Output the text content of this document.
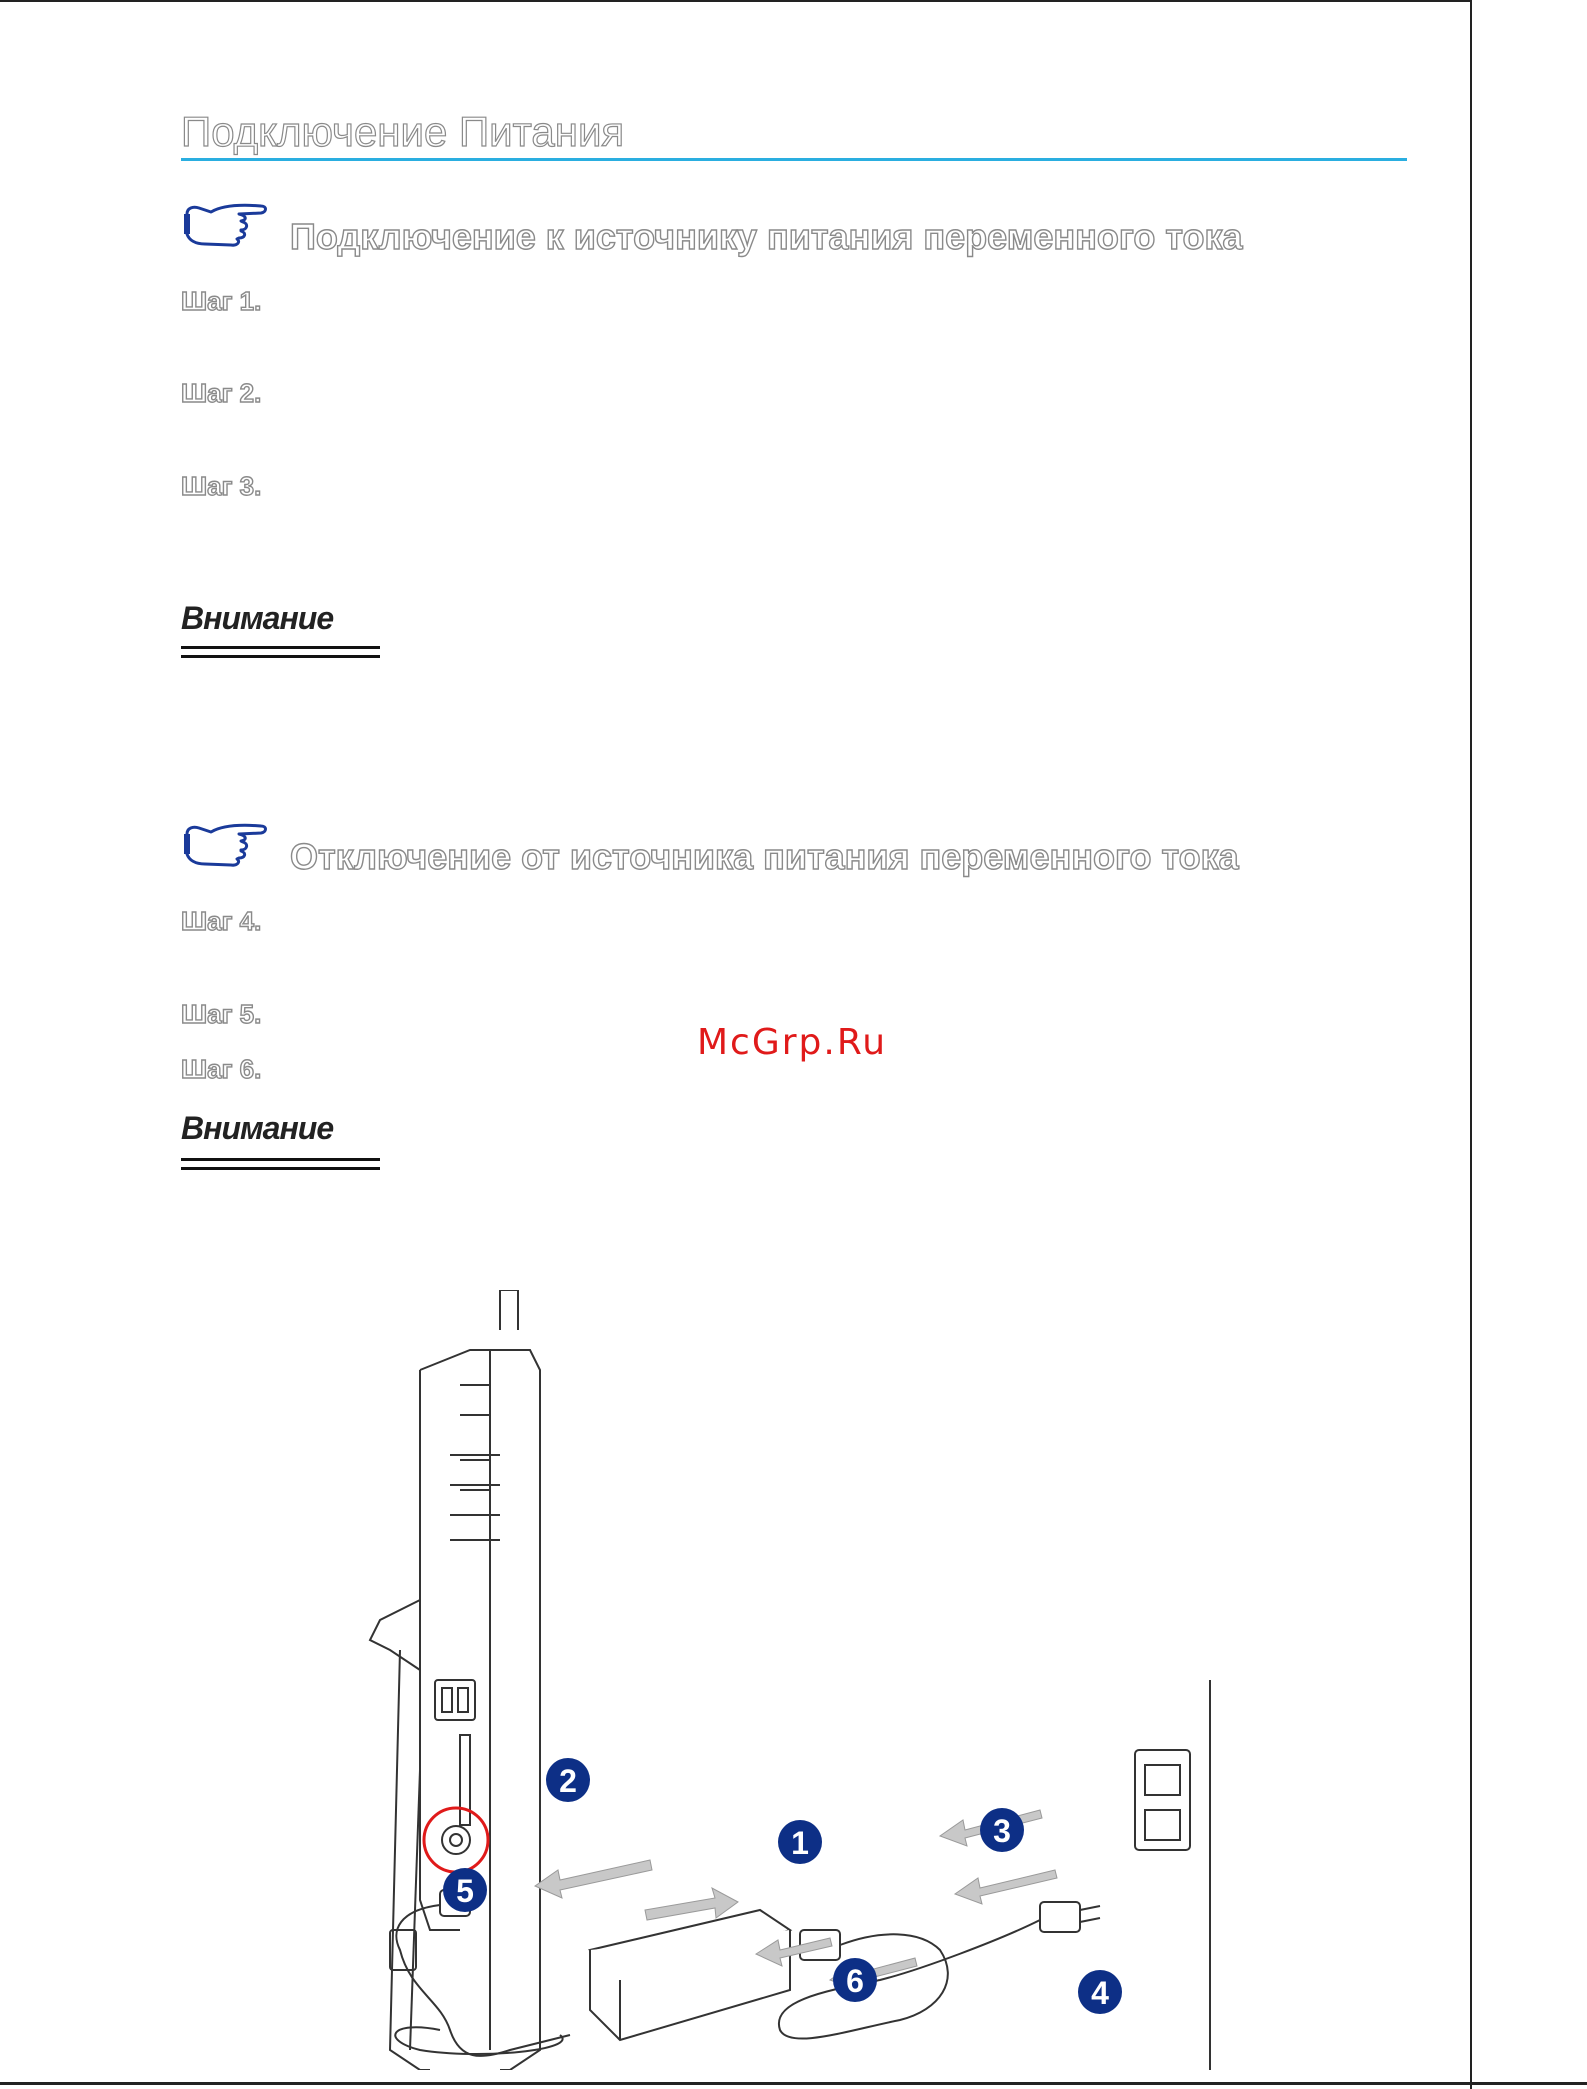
Подключение Питания
Подключение к источнику питания переменного тока
Шаг 1.
Шаг 2.
Шаг 3.
Внимание
Отключение от источника питания переменного тока
Шаг 4.
Шаг 5.
Шаг 6.
McGrp.Ru
Внимание
1
2
3
4
5
6
